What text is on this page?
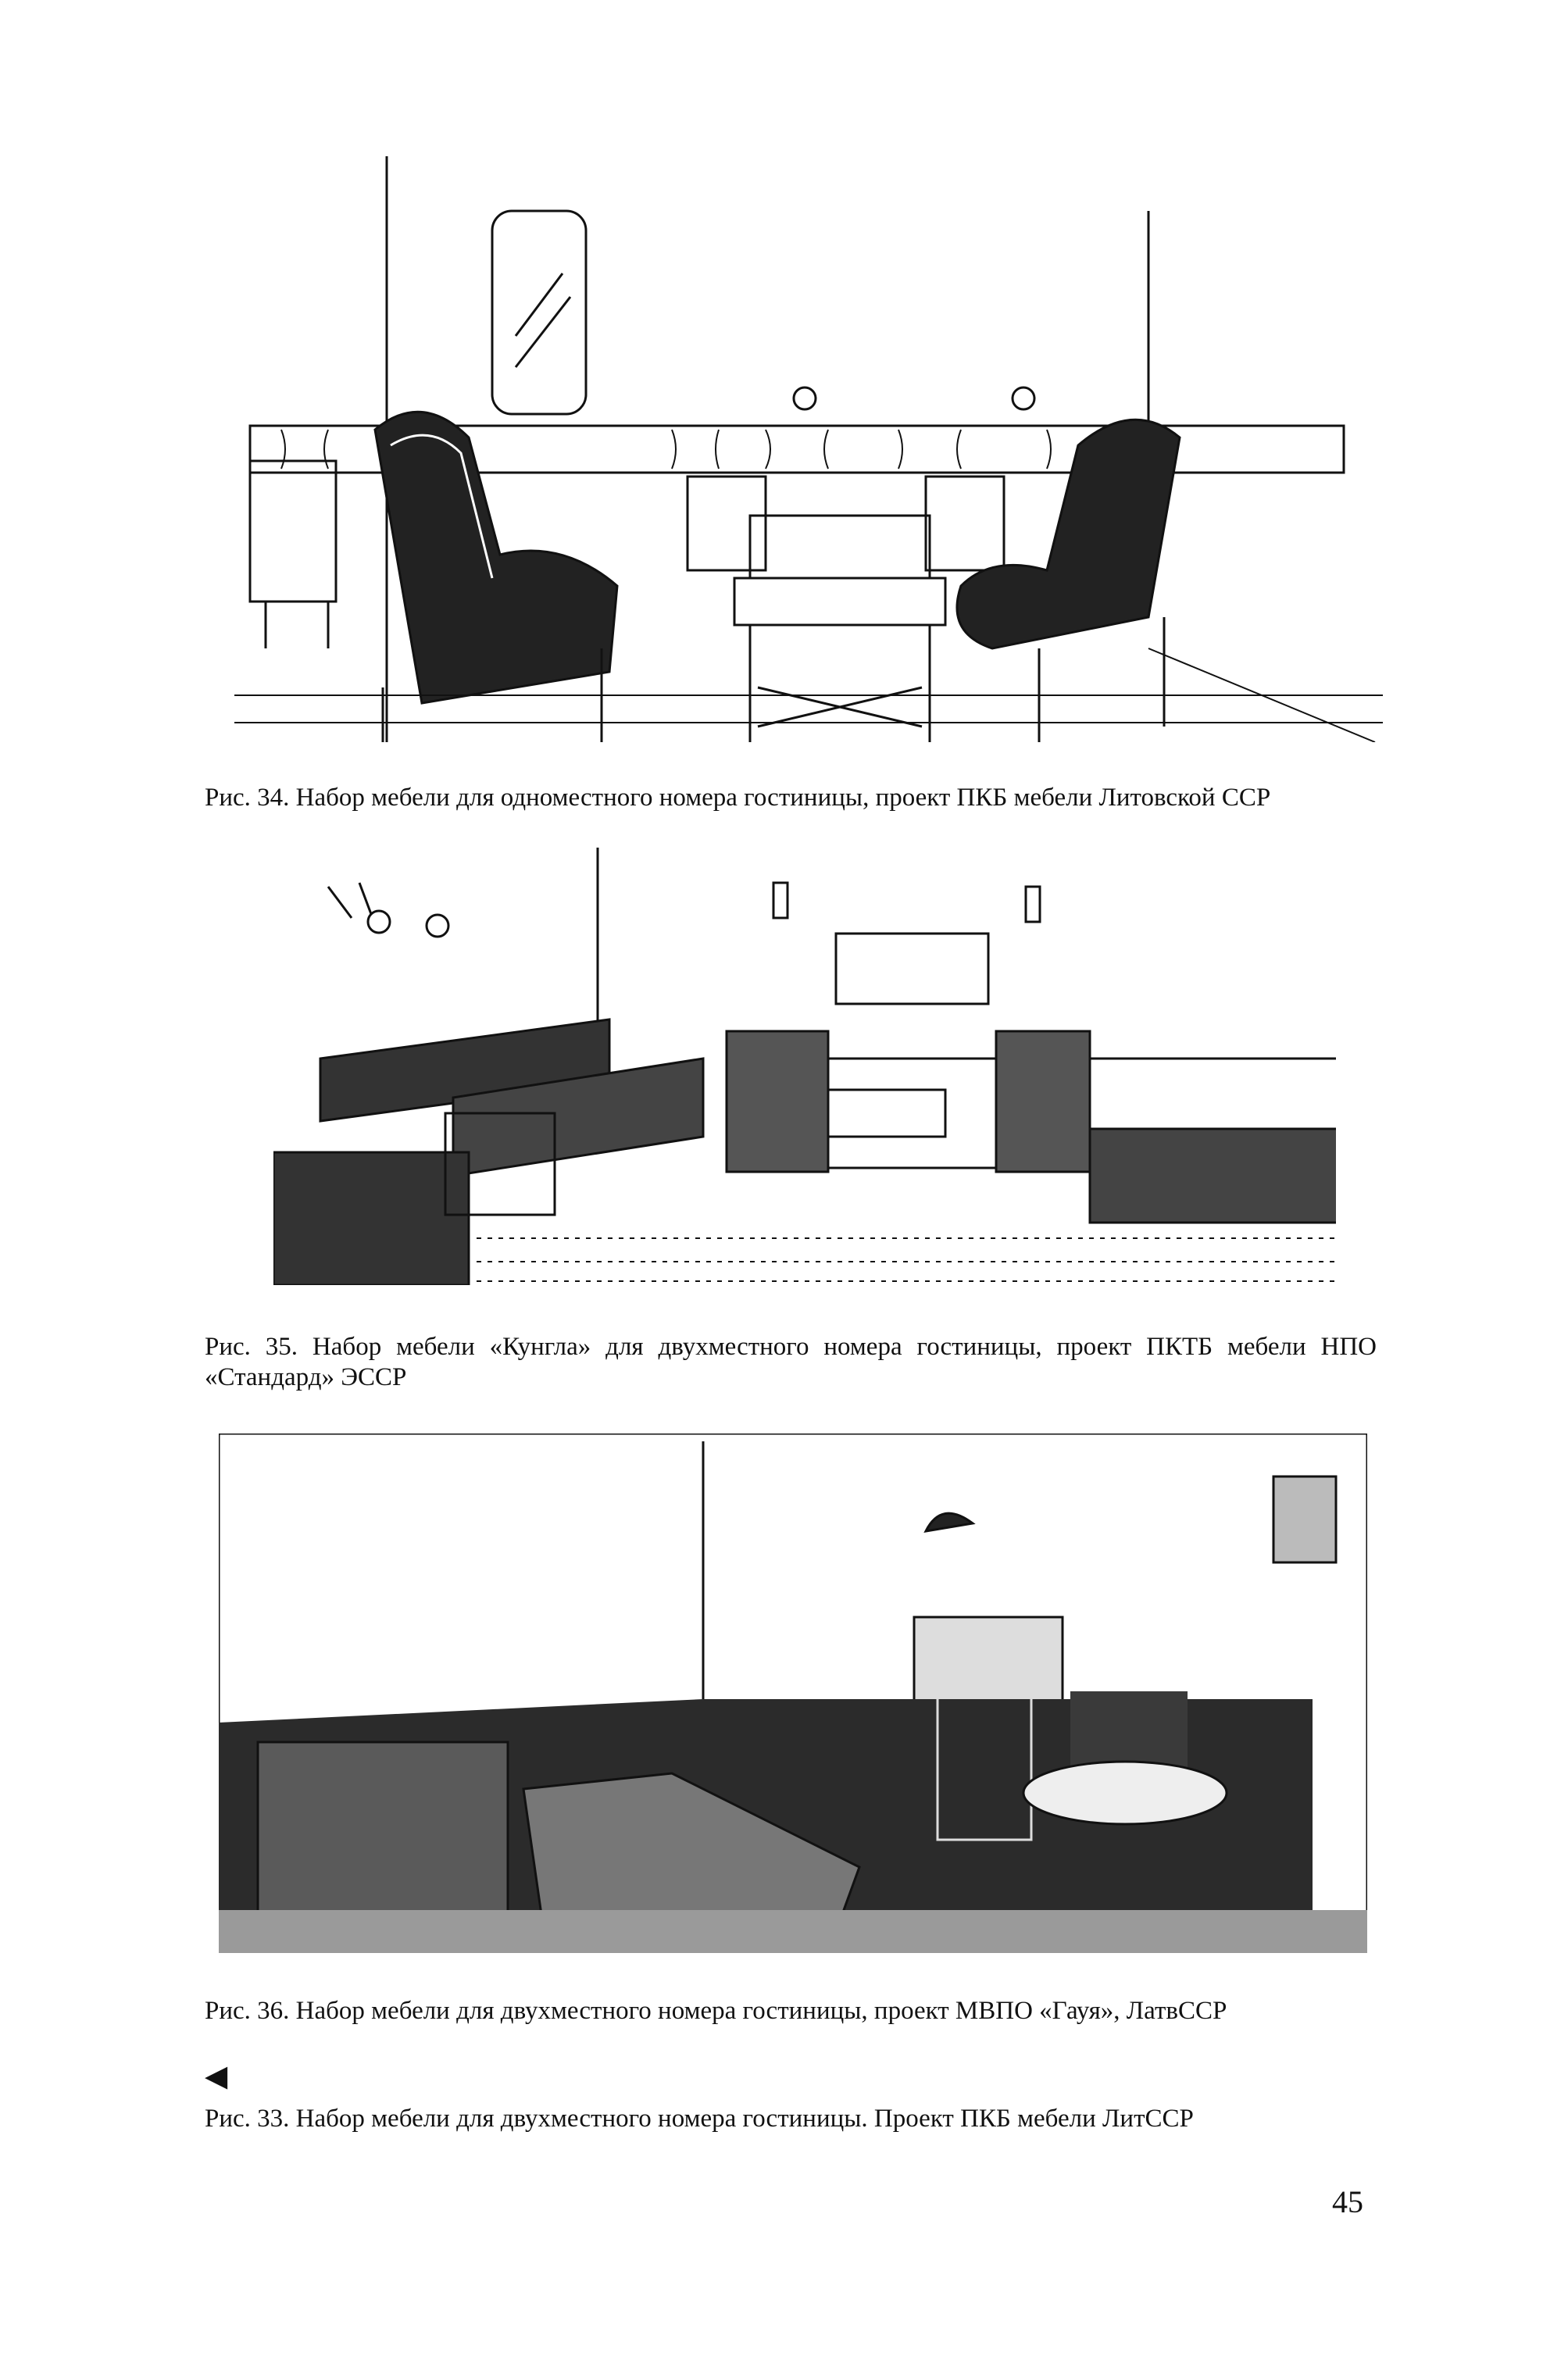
Рис. 34. Набор мебели для одноместного номера гостиницы, проект ПКБ мебели Литовской ССР
Рис. 35. Набор мебели «Кунгла» для двухместного номера гостиницы, проект ПКТБ мебели НПО «Стандард» ЭССР
Рис. 36. Набор мебели для двухместного номера гостиницы, проект МВПО «Гауя», ЛатвССР
◀
Рис. 33. Набор мебели для двухместного номера гостиницы. Проект ПКБ мебели ЛитССР
45
